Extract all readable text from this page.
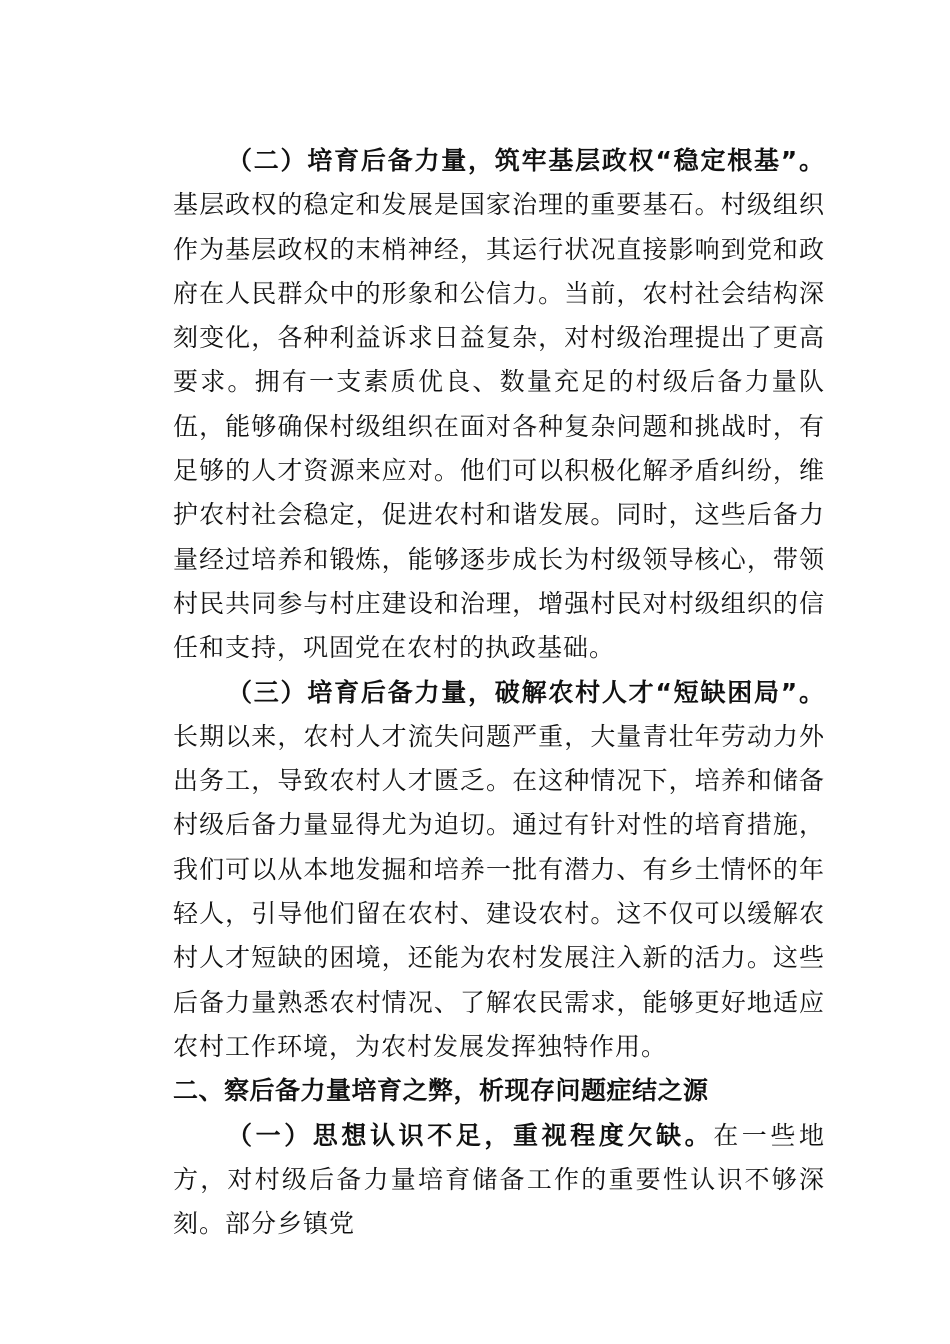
（二）培育后备力量，筑牢基层政权“稳定根基”。基层政权的稳定和发展是国家治理的重要基石。村级组织作为基层政权的末梢神经，其运行状况直接影响到党和政府在人民群众中的形象和公信力。当前，农村社会结构深刻变化，各种利益诉求日益复杂，对村级治理提出了更高要求。拥有一支素质优良、数量充足的村级后备力量队伍，能够确保村级组织在面对各种复杂问题和挑战时，有足够的人才资源来应对。他们可以积极化解矛盾纠纷，维护农村社会稳定，促进农村和谐发展。同时，这些后备力量经过培养和锻炼，能够逐步成长为村级领导核心，带领村民共同参与村庄建设和治理，增强村民对村级组织的信任和支持，巩固党在农村的执政基础。

（三）培育后备力量，破解农村人才“短缺困局”。长期以来，农村人才流失问题严重，大量青壮年劳动力外出务工，导致农村人才匮乏。在这种情况下，培养和储备村级后备力量显得尤为迫切。通过有针对性的培育措施，我们可以从本地发掘和培养一批有潜力、有乡土情怀的年轻人，引导他们留在农村、建设农村。这不仅可以缓解农村人才短缺的困境，还能为农村发展注入新的活力。这些后备力量熟悉农村情况、了解农民需求，能够更好地适应农村工作环境，为农村发展发挥独特作用。

二、察后备力量培育之弊，析现存问题症结之源

（一）思想认识不足，重视程度欠缺。在一些地方，对村级后备力量培育储备工作的重要性认识不够深刻。部分乡镇党
